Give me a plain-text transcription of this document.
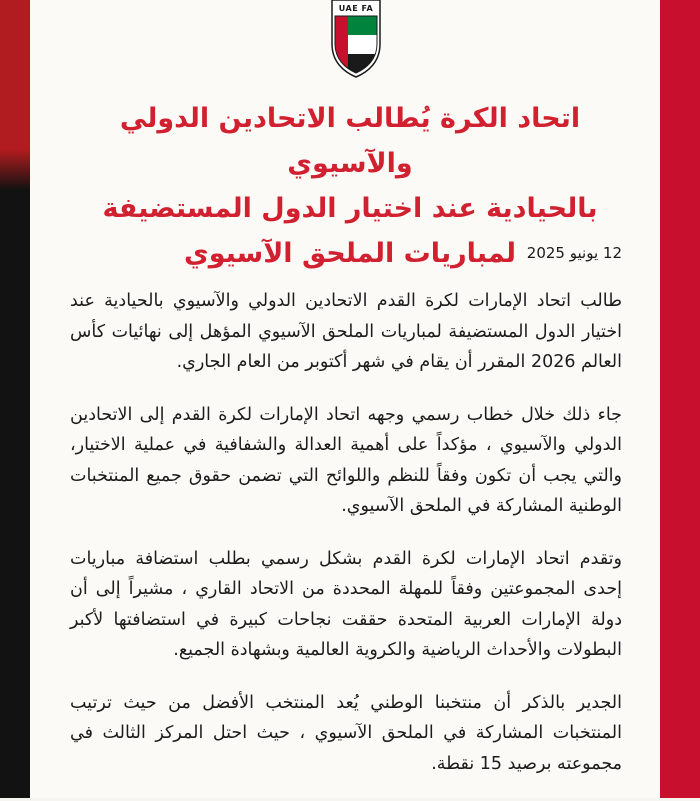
UAE FA
اتحاد الكرة يُطالب الاتحادين الدولي والآسيوي
بالحيادية عند اختيار الدول المستضيفة
لمباريات الملحق الآسيوي 12 يونيو 2025

طالب اتحاد الإمارات لكرة القدم الاتحادين الدولي والآسيوي بالحيادية عند اختيار الدول المستضيفة لمباريات الملحق الآسيوي المؤهل إلى نهائيات كأس العالم 2026 المقرر أن يقام في شهر أكتوبر من العام الجاري.

جاء ذلك خلال خطاب رسمي وجهه اتحاد الإمارات لكرة القدم إلى الاتحادين الدولي والآسيوي ، مؤكداً على أهمية العدالة والشفافية في عملية الاختيار، والتي يجب أن تكون وفقاً للنظم واللوائح التي تضمن حقوق جميع المنتخبات الوطنية المشاركة في الملحق الآسيوي.

وتقدم اتحاد الإمارات لكرة القدم بشكل رسمي بطلب استضافة مباريات إحدى المجموعتين وفقاً للمهلة المحددة من الاتحاد القاري ، مشيراً إلى أن دولة الإمارات العربية المتحدة حققت نجاحات كبيرة في استضافتها لأكبر البطولات والأحداث الرياضية والكروية العالمية وبشهادة الجميع.

الجدير بالذكر أن منتخبنا الوطني يُعد المنتخب الأفضل من حيث ترتيب المنتخبات المشاركة في الملحق الآسيوي ، حيث احتل المركز الثالث في مجموعته برصيد 15 نقطة.
